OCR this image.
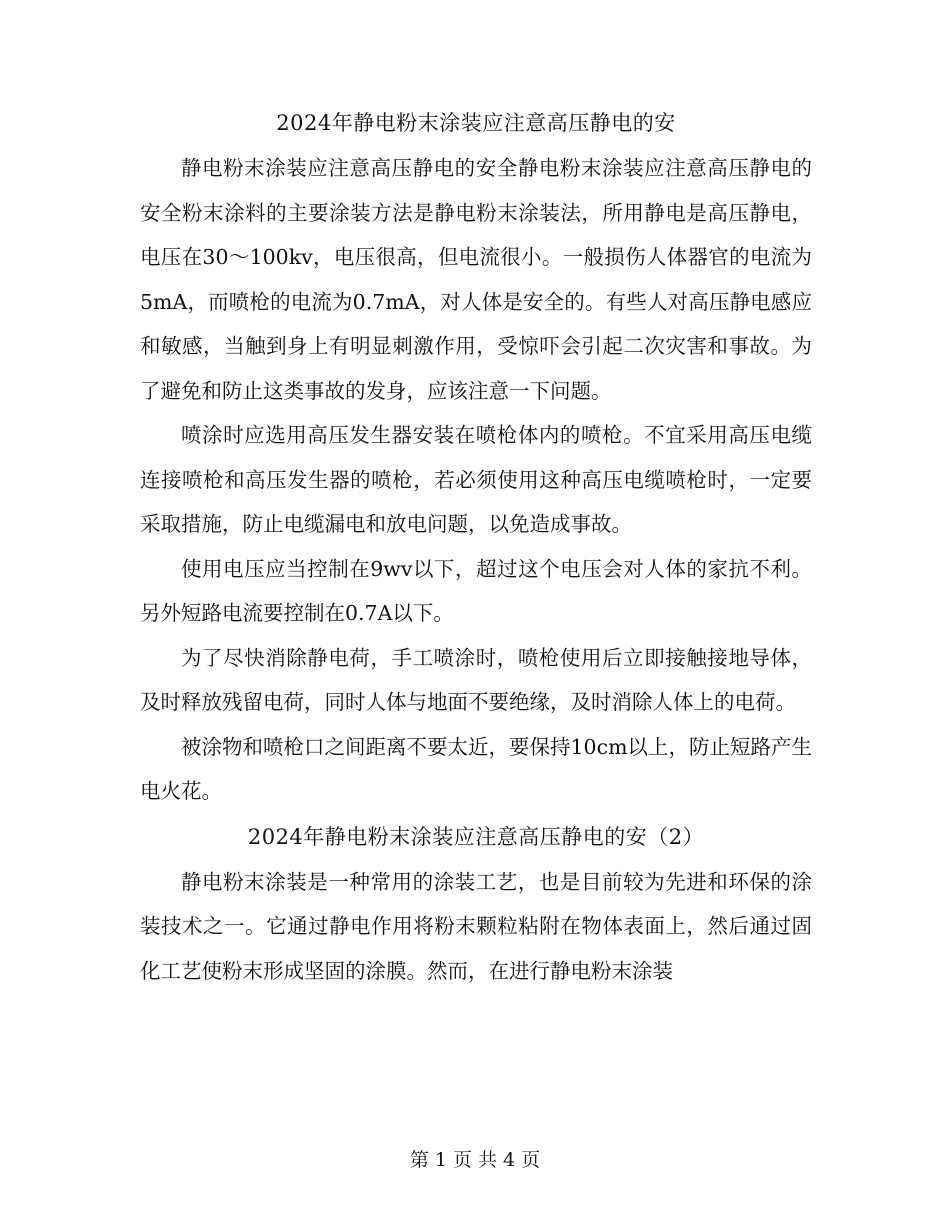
2024年静电粉末涂装应注意高压静电的安

静电粉末涂装应注意高压静电的安全静电粉末涂装应注意高压静电的安全粉末涂料的主要涂装方法是静电粉末涂装法，所用静电是高压静电，电压在30～100kv，电压很高，但电流很小。一般损伤人体器官的电流为5mA，而喷枪的电流为0.7mA，对人体是安全的。有些人对高压静电感应和敏感，当触到身上有明显刺激作用，受惊吓会引起二次灾害和事故。为了避免和防止这类事故的发身，应该注意一下问题。

喷涂时应选用高压发生器安装在喷枪体内的喷枪。不宜采用高压电缆连接喷枪和高压发生器的喷枪，若必须使用这种高压电缆喷枪时，一定要采取措施，防止电缆漏电和放电问题，以免造成事故。

使用电压应当控制在9wv以下，超过这个电压会对人体的家抗不利。另外短路电流要控制在0.7A以下。

为了尽快消除静电荷，手工喷涂时，喷枪使用后立即接触接地导体，及时释放残留电荷，同时人体与地面不要绝缘，及时消除人体上的电荷。

被涂物和喷枪口之间距离不要太近，要保持10cm以上，防止短路产生电火花。

2024年静电粉末涂装应注意高压静电的安（2）

静电粉末涂装是一种常用的涂装工艺，也是目前较为先进和环保的涂装技术之一。它通过静电作用将粉末颗粒粘附在物体表面上，然后通过固化工艺使粉末形成坚固的涂膜。然而，在进行静电粉末涂装

第 1 页 共 4 页
